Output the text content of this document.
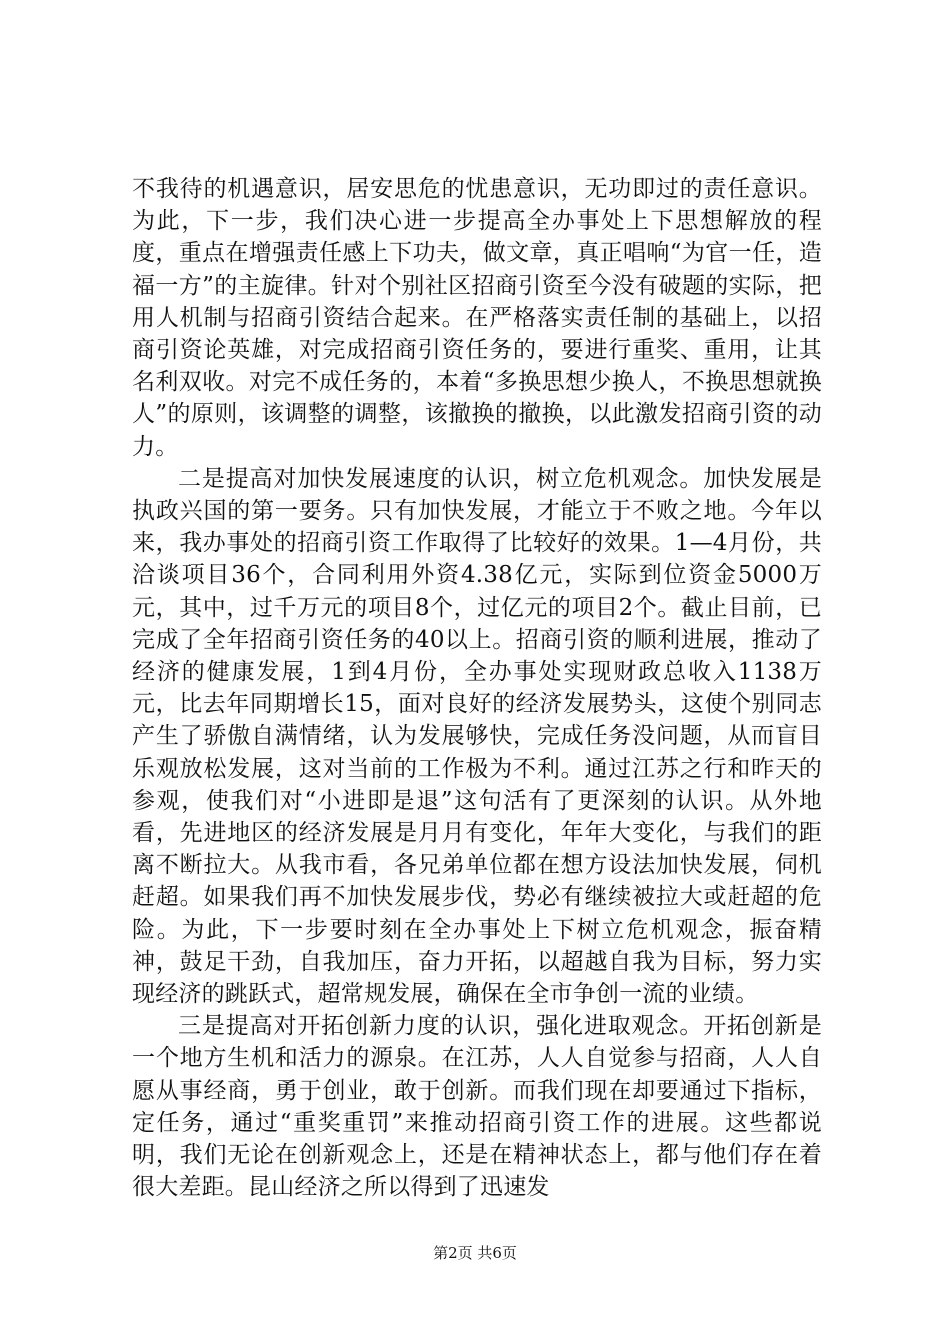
不我待的机遇意识，居安思危的忧患意识，无功即过的责任意识。为此，下一步，我们决心进一步提高全办事处上下思想解放的程度，重点在增强责任感上下功夫，做文章，真正唱响“为官一任，造福一方”的主旋律。针对个别社区招商引资至今没有破题的实际，把用人机制与招商引资结合起来。在严格落实责任制的基础上，以招商引资论英雄，对完成招商引资任务的，要进行重奖、重用，让其名利双收。对完不成任务的，本着“多换思想少换人，不换思想就换人”的原则，该调整的调整，该撤换的撤换，以此激发招商引资的动力。

二是提高对加快发展速度的认识，树立危机观念。加快发展是执政兴国的第一要务。只有加快发展，才能立于不败之地。今年以来，我办事处的招商引资工作取得了比较好的效果。1—4月份，共洽谈项目36个，合同利用外资4.38亿元，实际到位资金5000万元，其中，过千万元的项目8个，过亿元的项目2个。截止目前，已完成了全年招商引资任务的40以上。招商引资的顺利进展，推动了经济的健康发展，1到4月份，全办事处实现财政总收入1138万元，比去年同期增长15，面对良好的经济发展势头，这使个别同志产生了骄傲自满情绪，认为发展够快，完成任务没问题，从而盲目乐观放松发展，这对当前的工作极为不利。通过江苏之行和昨天的参观，使我们对“小进即是退”这句活有了更深刻的认识。从外地看，先进地区的经济发展是月月有变化，年年大变化，与我们的距离不断拉大。从我市看，各兄弟单位都在想方设法加快发展，伺机赶超。如果我们再不加快发展步伐，势必有继续被拉大或赶超的危险。为此，下一步要时刻在全办事处上下树立危机观念，振奋精神，鼓足干劲，自我加压，奋力开拓，以超越自我为目标，努力实现经济的跳跃式，超常规发展，确保在全市争创一流的业绩。

三是提高对开拓创新力度的认识，强化进取观念。开拓创新是一个地方生机和活力的源泉。在江苏，人人自觉参与招商，人人自愿从事经商，勇于创业，敢于创新。而我们现在却要通过下指标，定任务，通过“重奖重罚”来推动招商引资工作的进展。这些都说明，我们无论在创新观念上，还是在精神状态上，都与他们存在着很大差距。昆山经济之所以得到了迅速发

第2页 共6页
